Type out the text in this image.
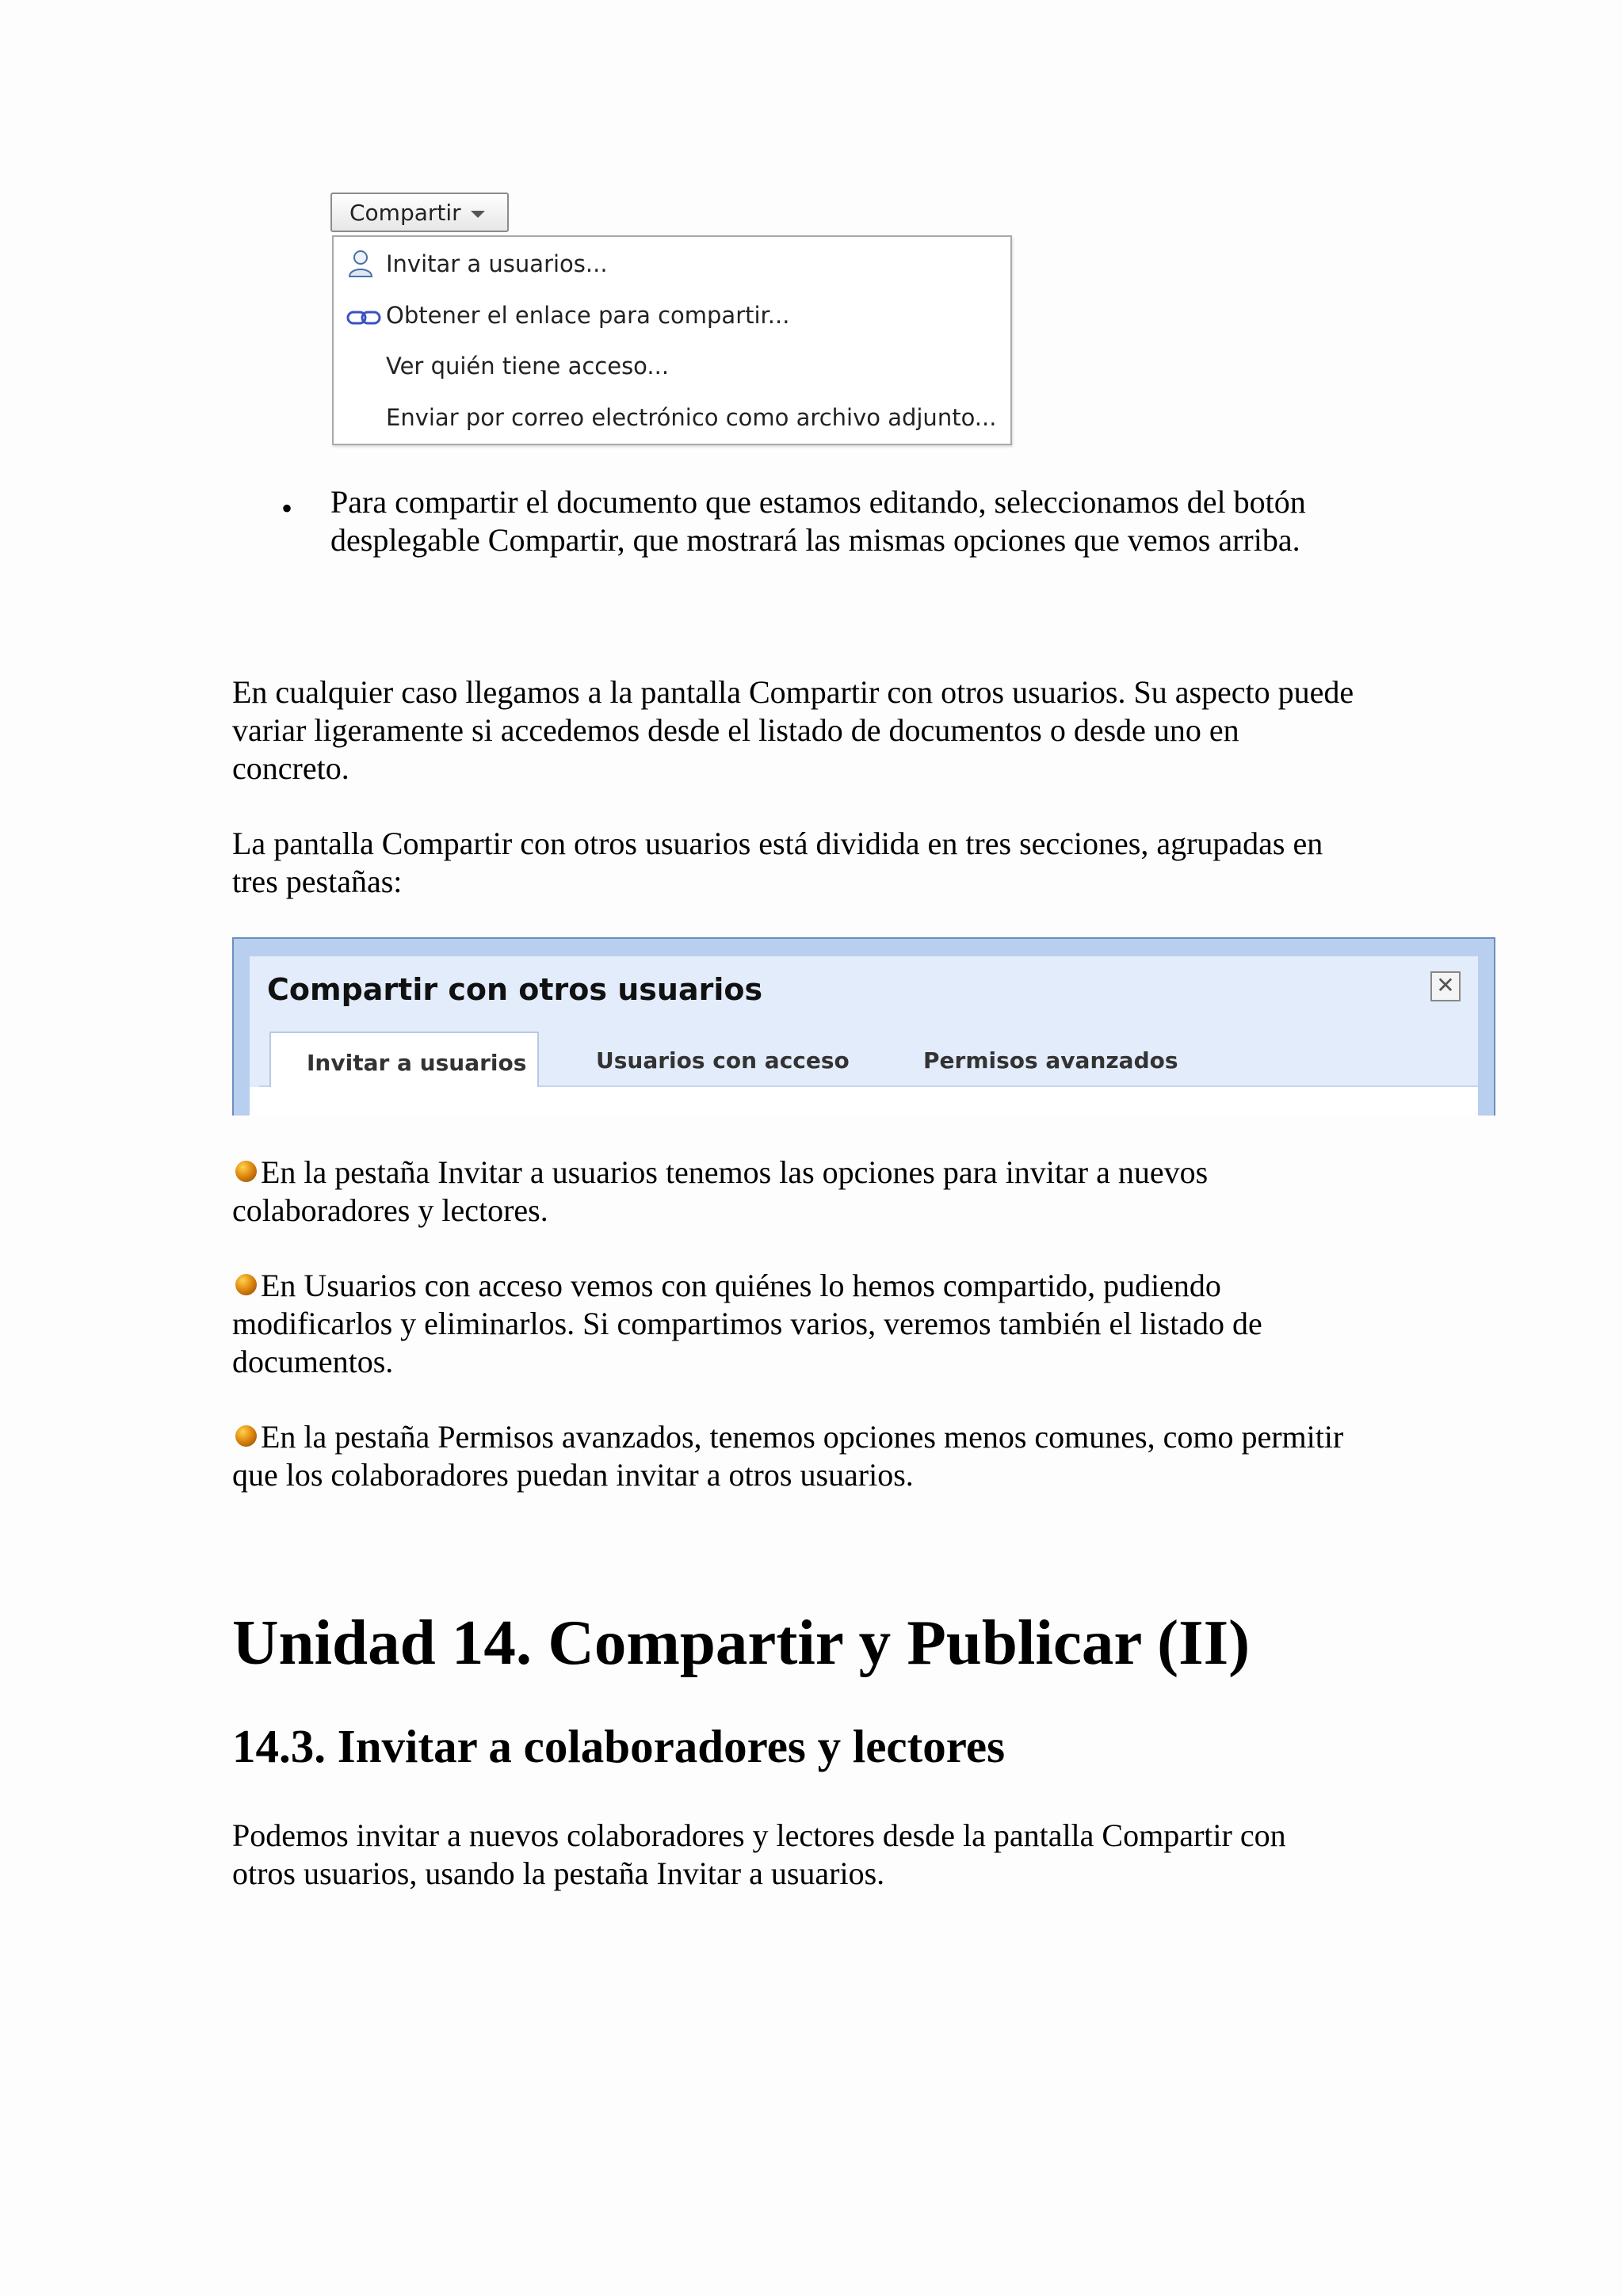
Compartir
Invitar a usuarios...
Obtener el enlace para compartir...
Ver quién tiene acceso...
Enviar por correo electrónico como archivo adjunto...
• Para compartir el documento que estamos editando, seleccionamos del botón
desplegable Compartir, que mostrará las mismas opciones que vemos arriba.

En cualquier caso llegamos a la pantalla Compartir con otros usuarios. Su aspecto puede
variar ligeramente si accedemos desde el listado de documentos o desde uno en
concreto.

La pantalla Compartir con otros usuarios está dividida en tres secciones, agrupadas en
tres pestañas:

Compartir con otros usuarios	✕
Invitar a usuarios	Usuarios con acceso	Permisos avanzados

En la pestaña Invitar a usuarios tenemos las opciones para invitar a nuevos
colaboradores y lectores.

En Usuarios con acceso vemos con quiénes lo hemos compartido, pudiendo
modificarlos y eliminarlos. Si compartimos varios, veremos también el listado de
documentos.

En la pestaña Permisos avanzados, tenemos opciones menos comunes, como permitir
que los colaboradores puedan invitar a otros usuarios.

Unidad 14. Compartir y Publicar (II)
14.3. Invitar a colaboradores y lectores

Podemos invitar a nuevos colaboradores y lectores desde la pantalla Compartir con
otros usuarios, usando la pestaña Invitar a usuarios.
